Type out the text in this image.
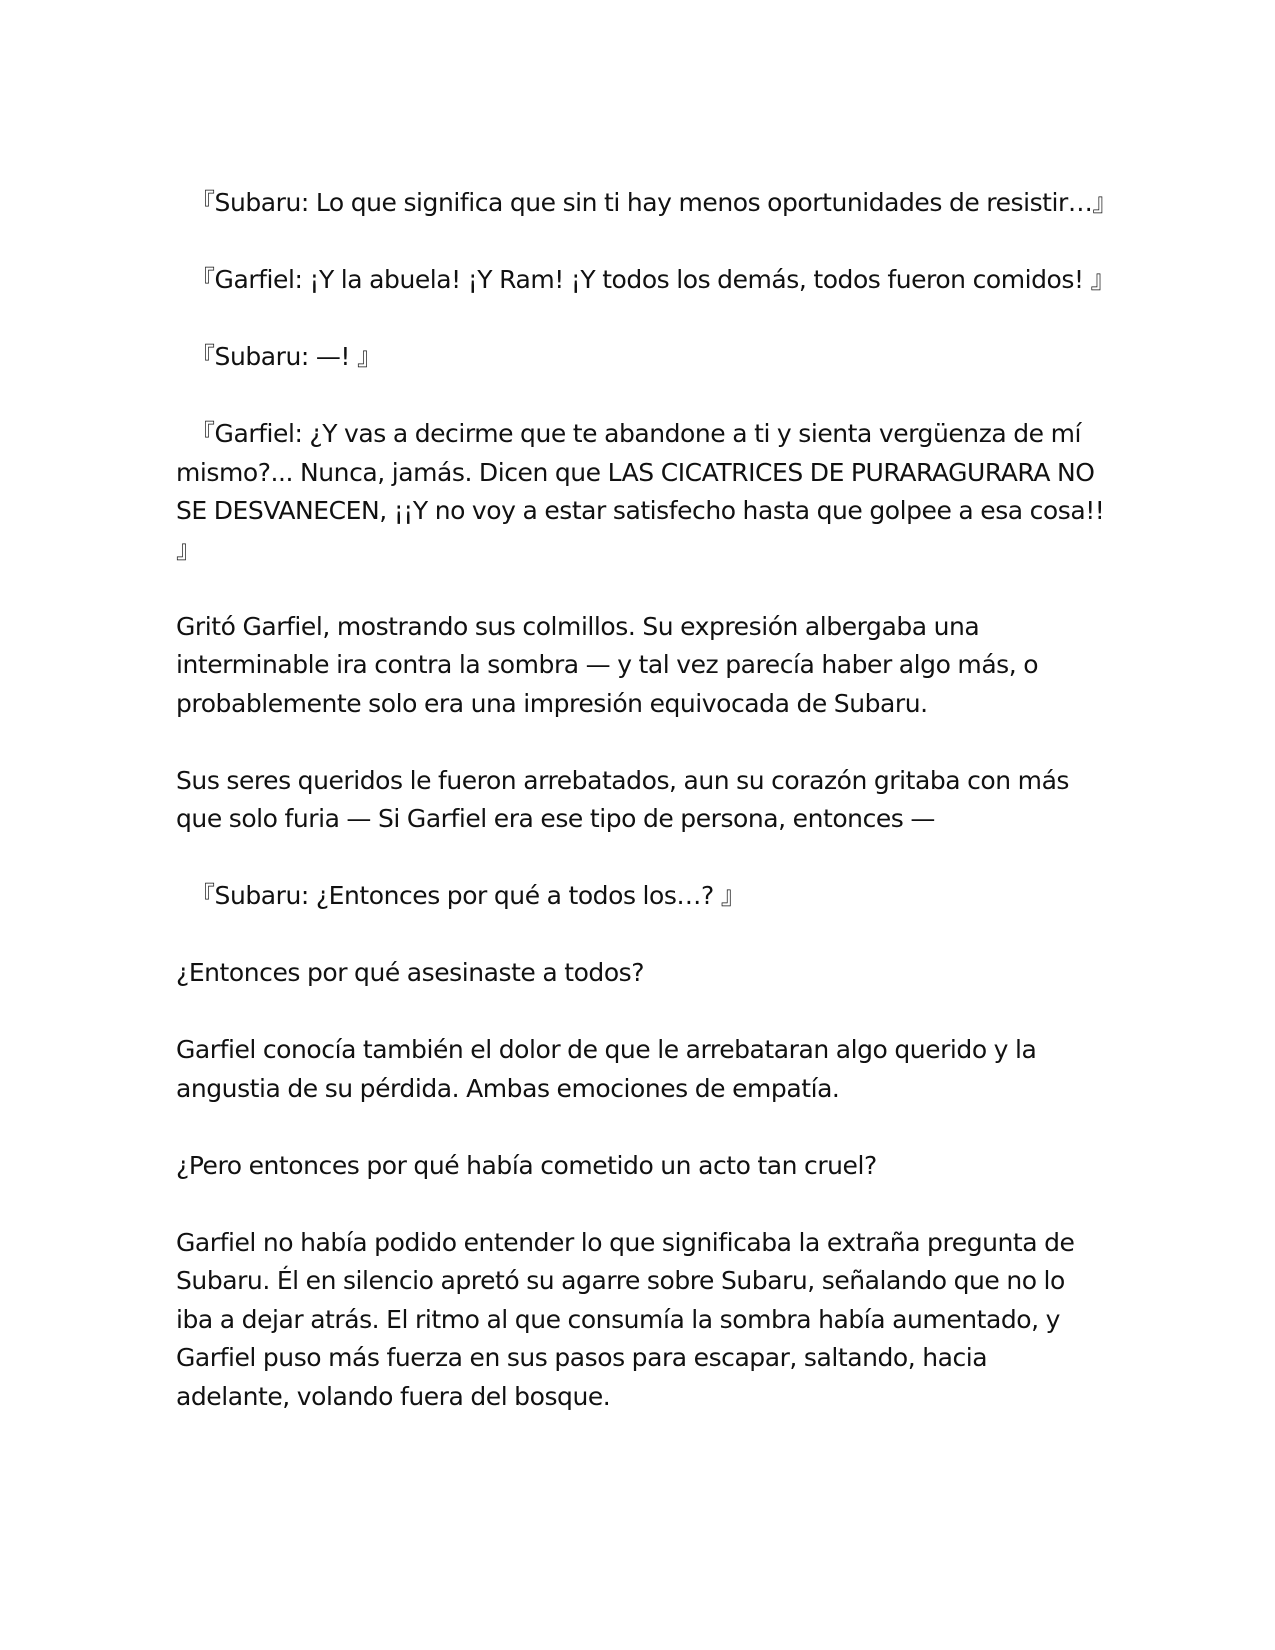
『Subaru: Lo que significa que sin ti hay menos oportunidades de resistir…』

『Garfiel: ¡Y la abuela! ¡Y Ram! ¡Y todos los demás, todos fueron comidos! 』

『Subaru: —! 』

『Garfiel: ¿Y vas a decirme que te abandone a ti y sienta vergüenza de mí mismo?... Nunca, jamás. Dicen que LAS CICATRICES DE PURARAGURARA NO SE DESVANECEN, ¡¡Y no voy a estar satisfecho hasta que golpee a esa cosa!! 』

Gritó Garfiel, mostrando sus colmillos. Su expresión albergaba una interminable ira contra la sombra — y tal vez parecía haber algo más, o probablemente solo era una impresión equivocada de Subaru.

Sus seres queridos le fueron arrebatados, aun su corazón gritaba con más que solo furia — Si Garfiel era ese tipo de persona, entonces —

『Subaru: ¿Entonces por qué a todos los…? 』

¿Entonces por qué asesinaste a todos?

Garfiel conocía también el dolor de que le arrebataran algo querido y la angustia de su pérdida. Ambas emociones de empatía.

¿Pero entonces por qué había cometido un acto tan cruel?

Garfiel no había podido entender lo que significaba la extraña pregunta de Subaru. Él en silencio apretó su agarre sobre Subaru, señalando que no lo iba a dejar atrás. El ritmo al que consumía la sombra había aumentado, y Garfiel puso más fuerza en sus pasos para escapar, saltando, hacia adelante, volando fuera del bosque.
